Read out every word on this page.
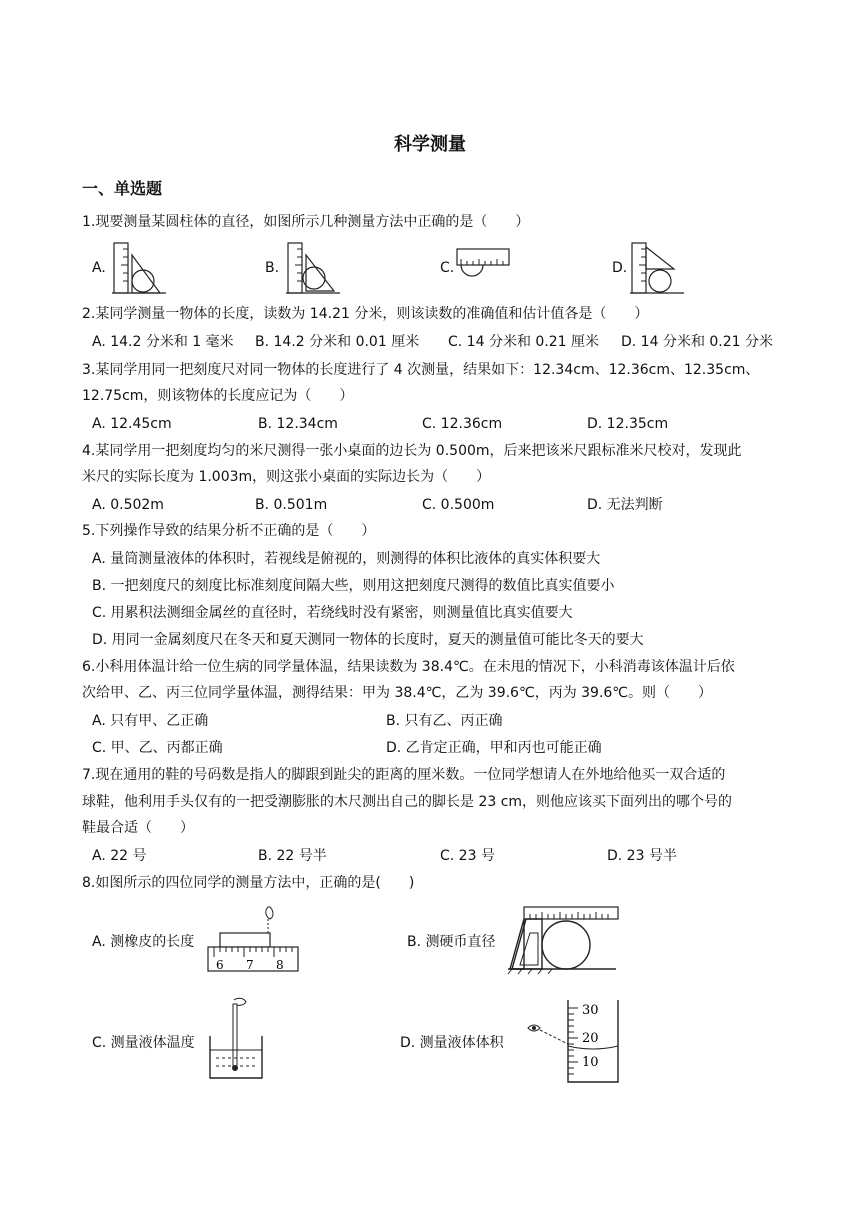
科学测量
一、单选题
1.现要测量某圆柱体的直径，如图所示几种测量方法中正确的是（　　）
A.	B.	C.	D.
2.某同学测量一物体的长度，读数为 14.21 分米，则该读数的准确值和估计值各是（　　）
A. 14.2 分米和 1 毫米 B. 14.2 分米和 0.01 厘米 C. 14 分米和 0.21 厘米 D. 14 分米和 0.21 分米
3.某同学用同一把刻度尺对同一物体的长度进行了 4 次测量，结果如下：12.34cm、12.36cm、12.35cm、
12.75cm，则该物体的长度应记为（　　）
A. 12.45cm	B. 12.34cm	C. 12.36cm	D. 12.35cm
4.某同学用一把刻度均匀的米尺测得一张小桌面的边长为 0.500m，后来把该米尺跟标准米尺校对，发现此
米尺的实际长度为 1.003m，则这张小桌面的实际边长为（　　）
A. 0.502m	B. 0.501m	C. 0.500m	D. 无法判断
5.下列操作导致的结果分析不正确的是（　　）
A. 量筒测量液体的体积时，若视线是俯视的，则测得的体积比液体的真实体积要大
B. 一把刻度尺的刻度比标准刻度间隔大些，则用这把刻度尺测得的数值比真实值要小
C. 用累积法测细金属丝的直径时，若绕线时没有紧密，则测量值比真实值要大
D. 用同一金属刻度尺在冬天和夏天测同一物体的长度时，夏天的测量值可能比冬天的要大
6.小科用体温计给一位生病的同学量体温，结果读数为 38.4℃。在未甩的情况下，小科消毒该体温计后依
次给甲、乙、丙三位同学量体温，测得结果：甲为 38.4℃，乙为 39.6℃，丙为 39.6℃。则（　　）
A. 只有甲、乙正确	B. 只有乙、丙正确
C. 甲、乙、丙都正确	D. 乙肯定正确，甲和丙也可能正确
7.现在通用的鞋的号码数是指人的脚跟到趾尖的距离的厘米数。一位同学想请人在外地给他买一双合适的
球鞋，他利用手头仅有的一把受潮膨胀的木尺测出自己的脚长是 23 cm，则他应该买下面列出的哪个号的
鞋最合适（　　）
A. 22 号	B. 22 号半	C. 23 号	D. 23 号半
8.如图所示的四位同学的测量方法中，正确的是(　　)
A. 测橡皮的长度	B. 测硬币直径
C. 测量液体温度	D. 测量液体体积
6 7 8
30
20
10
